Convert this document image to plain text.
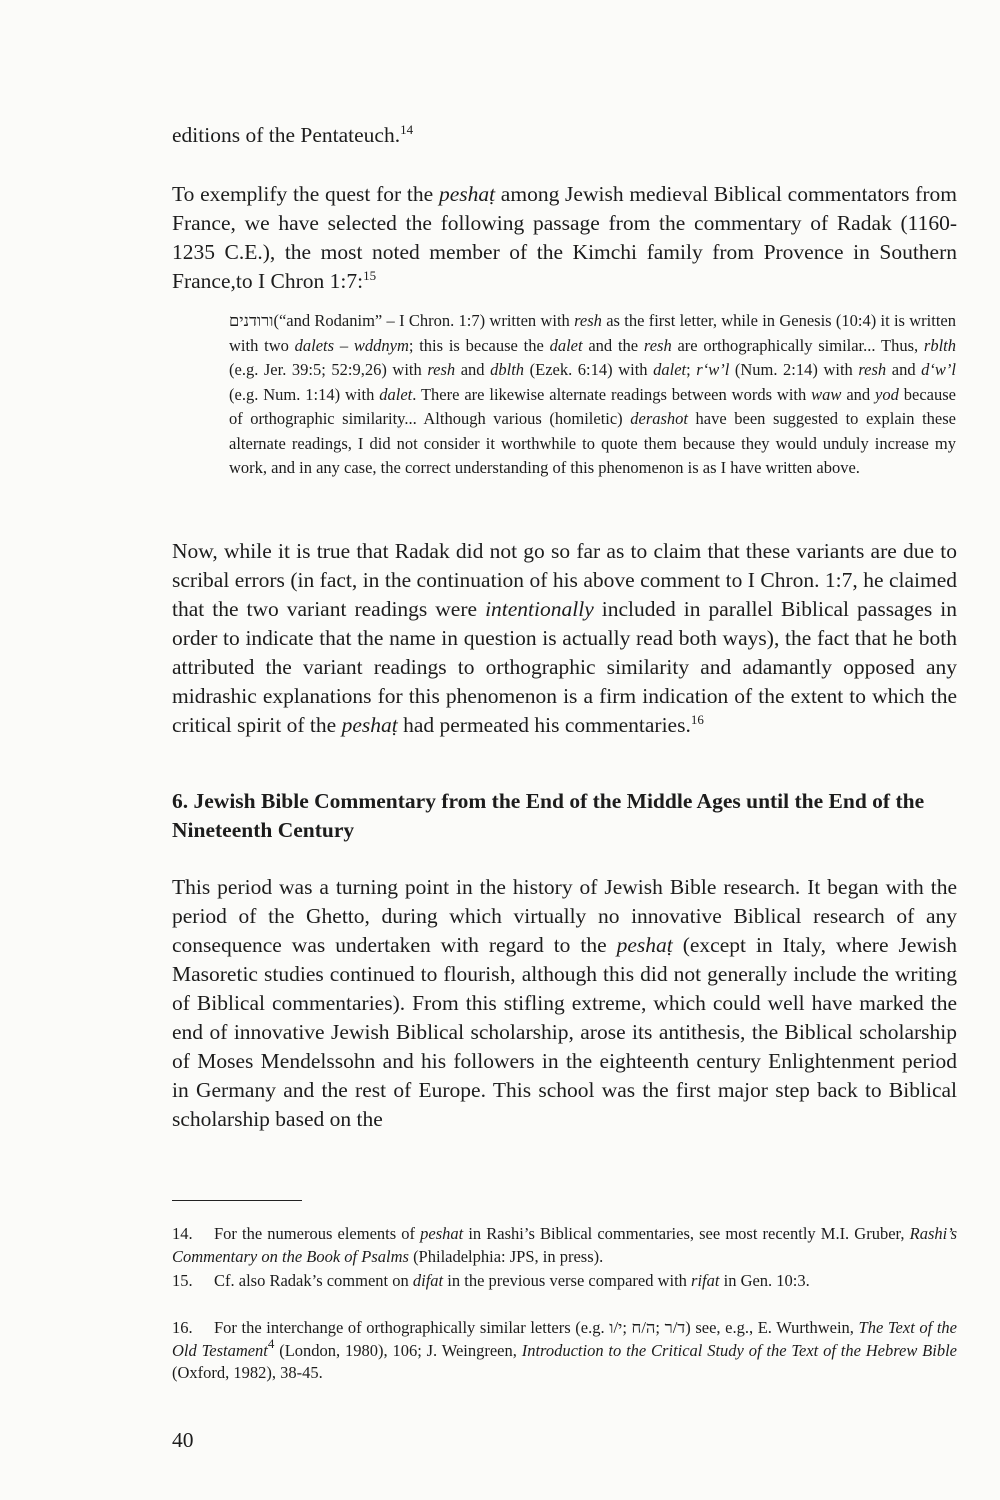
editions of the Pentateuch.$^{14}$

To exemplify the quest for the peshaṭ among Jewish medieval Biblical commentators from France, we have selected the following passage from the commentary of Radak (1160-1235 C.E.), the most noted member of the Kimchi family from Provence in Southern France,to I Chron 1:7:$^{15}$

ורודנים(“and Rodanim” – I Chron. 1:7) written with resh as the first letter, while in Genesis (10:4) it is written with two dalets – wddnym; this is because the dalet and the resh are orthographically similar... Thus, rblth (e.g. Jer. 39:5; 52:9,26) with resh and dblth (Ezek. 6:14) with dalet; r‘w’l (Num. 2:14) with resh and d‘w’l (e.g. Num. 1:14) with dalet. There are likewise alternate readings between words with waw and yod because of orthographic similarity... Although various (homiletic) derashot have been suggested to explain these alternate readings, I did not consider it worthwhile to quote them because they would unduly increase my work, and in any case, the correct understanding of this phenomenon is as I have written above.

Now, while it is true that Radak did not go so far as to claim that these variants are due to scribal errors (in fact, in the continuation of his above comment to I Chron. 1:7, he claimed that the two variant readings were intentionally included in parallel Biblical passages in order to indicate that the name in question is actually read both ways), the fact that he both attributed the variant readings to orthographic similarity and adamantly opposed any midrashic explanations for this phenomenon is a firm indication of the extent to which the critical spirit of the peshaṭ had permeated his commentaries.$^{16}$

6. Jewish Bible Commentary from the End of the Middle Ages until the End of the Nineteenth Century

This period was a turning point in the history of Jewish Bible research. It began with the period of the Ghetto, during which virtually no innovative Biblical research of any consequence was undertaken with regard to the peshaṭ (except in Italy, where Jewish Masoretic studies continued to flourish, although this did not generally include the writing of Biblical commentaries). From this stifling extreme, which could well have marked the end of innovative Jewish Biblical scholarship, arose its antithesis, the Biblical scholarship of Moses Mendelssohn and his followers in the eighteenth century Enlightenment period in Germany and the rest of Europe. This school was the first major step back to Biblical scholarship based on the

14. For the numerous elements of peshat in Rashi’s Biblical commentaries, see most recently M.I. Gruber, Rashi’s Commentary on the Book of Psalms (Philadelphia: JPS, in press).

15. Cf. also Radak’s comment on difat in the previous verse compared with rifat in Gen. 10:3.

16. For the interchange of orthographically similar letters (e.g. ד/ר ;ה/ח ;י/ו) see, e.g., E. Wurthwein, The Text of the Old Testament$^4$ (London, 1980), 106; J. Weingreen, Introduction to the Critical Study of the Text of the Hebrew Bible (Oxford, 1982), 38-45.

40
